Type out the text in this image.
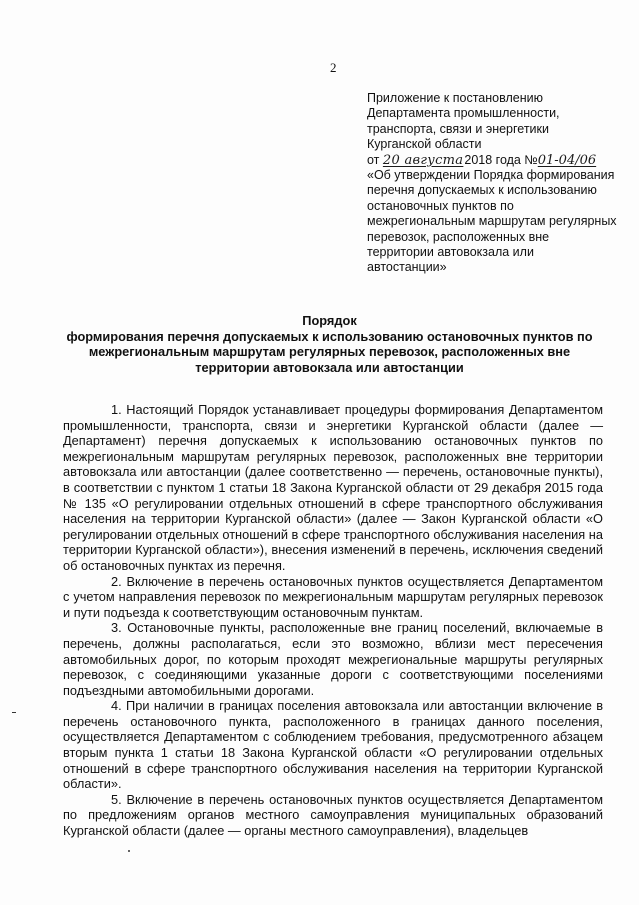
2
Приложение к постановлению
Департамента промышленности,
транспорта, связи и энергетики
Курганской области
от 20 августа 2018 года №01-04/06
«Об утверждении Порядка формирования перечня допускаемых к использованию остановочных пунктов по межрегиональным маршрутам регулярных перевозок, расположенных вне территории автовокзала или автостанции»
Порядок
формирования перечня допускаемых к использованию остановочных пунктов по межрегиональным маршрутам регулярных перевозок, расположенных вне территории автовокзала или автостанции

1. Настоящий Порядок устанавливает процедуры формирования Департаментом промышленности, транспорта, связи и энергетики Курганской области (далее — Департамент) перечня допускаемых к использованию остановочных пунктов по межрегиональным маршрутам регулярных перевозок, расположенных вне территории автовокзала или автостанции (далее соответственно — перечень, остановочные пункты), в соответствии с пунктом 1 статьи 18 Закона Курганской области от 29 декабря 2015 года № 135 «О регулировании отдельных отношений в сфере транспортного обслуживания населения на территории Курганской области» (далее — Закон Курганской области «О регулировании отдельных отношений в сфере транспортного обслуживания населения на территории Курганской области»), внесения изменений в перечень, исключения сведений об остановочных пунктах из перечня.

2. Включение в перечень остановочных пунктов осуществляется Департаментом с учетом направления перевозок по межрегиональным маршрутам регулярных перевозок и пути подъезда к соответствующим остановочным пунктам.

3. Остановочные пункты, расположенные вне границ поселений, включаемые в перечень, должны располагаться, если это возможно, вблизи мест пересечения автомобильных дорог, по которым проходят межрегиональные маршруты регулярных перевозок, с соединяющими указанные дороги с соответствующими поселениями подъездными автомобильными дорогами.

4. При наличии в границах поселения автовокзала или автостанции включение в перечень остановочного пункта, расположенного в границах данного поселения, осуществляется Департаментом с соблюдением требования, предусмотренного абзацем вторым пункта 1 статьи 18 Закона Курганской области «О регулировании отдельных отношений в сфере транспортного обслуживания населения на территории Курганской области».

5. Включение в перечень остановочных пунктов осуществляется Департаментом по предложениям органов местного самоуправления муниципальных образований Курганской области (далее — органы местного самоуправления), владельцев
